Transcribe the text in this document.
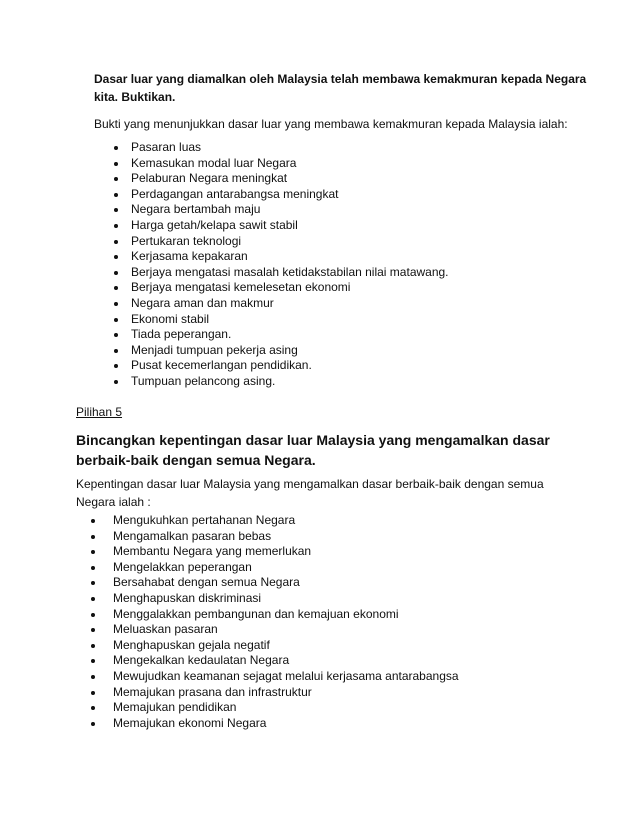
Dasar luar yang diamalkan oleh Malaysia telah membawa kemakmuran kepada Negara kita. Buktikan.
Bukti yang menunjukkan dasar luar yang membawa kemakmuran kepada Malaysia ialah:
Pasaran luas
Kemasukan modal luar Negara
Pelaburan Negara meningkat
Perdagangan antarabangsa meningkat
Negara bertambah maju
Harga getah/kelapa sawit stabil
Pertukaran teknologi
Kerjasama kepakaran
Berjaya mengatasi masalah ketidakstabilan nilai matawang.
Berjaya mengatasi kemelesetan ekonomi
Negara aman dan makmur
Ekonomi stabil
Tiada peperangan.
Menjadi tumpuan pekerja asing
Pusat kecemerlangan pendidikan.
Tumpuan pelancong asing.
Pilihan 5
Bincangkan kepentingan dasar luar Malaysia yang mengamalkan dasar berbaik-baik dengan semua Negara.
Kepentingan dasar luar Malaysia yang mengamalkan dasar berbaik-baik dengan semua Negara ialah :
Mengukuhkan pertahanan Negara
Mengamalkan pasaran bebas
Membantu Negara yang memerlukan
Mengelakkan peperangan
Bersahabat dengan semua Negara
Menghapuskan diskriminasi
Menggalakkan pembangunan dan kemajuan ekonomi
Meluaskan pasaran
Menghapuskan gejala negatif
Mengekalkan kedaulatan Negara
Mewujudkan keamanan sejagat melalui kerjasama antarabangsa
Memajukan prasana dan infrastruktur
Memajukan pendidikan
Memajukan ekonomi Negara
